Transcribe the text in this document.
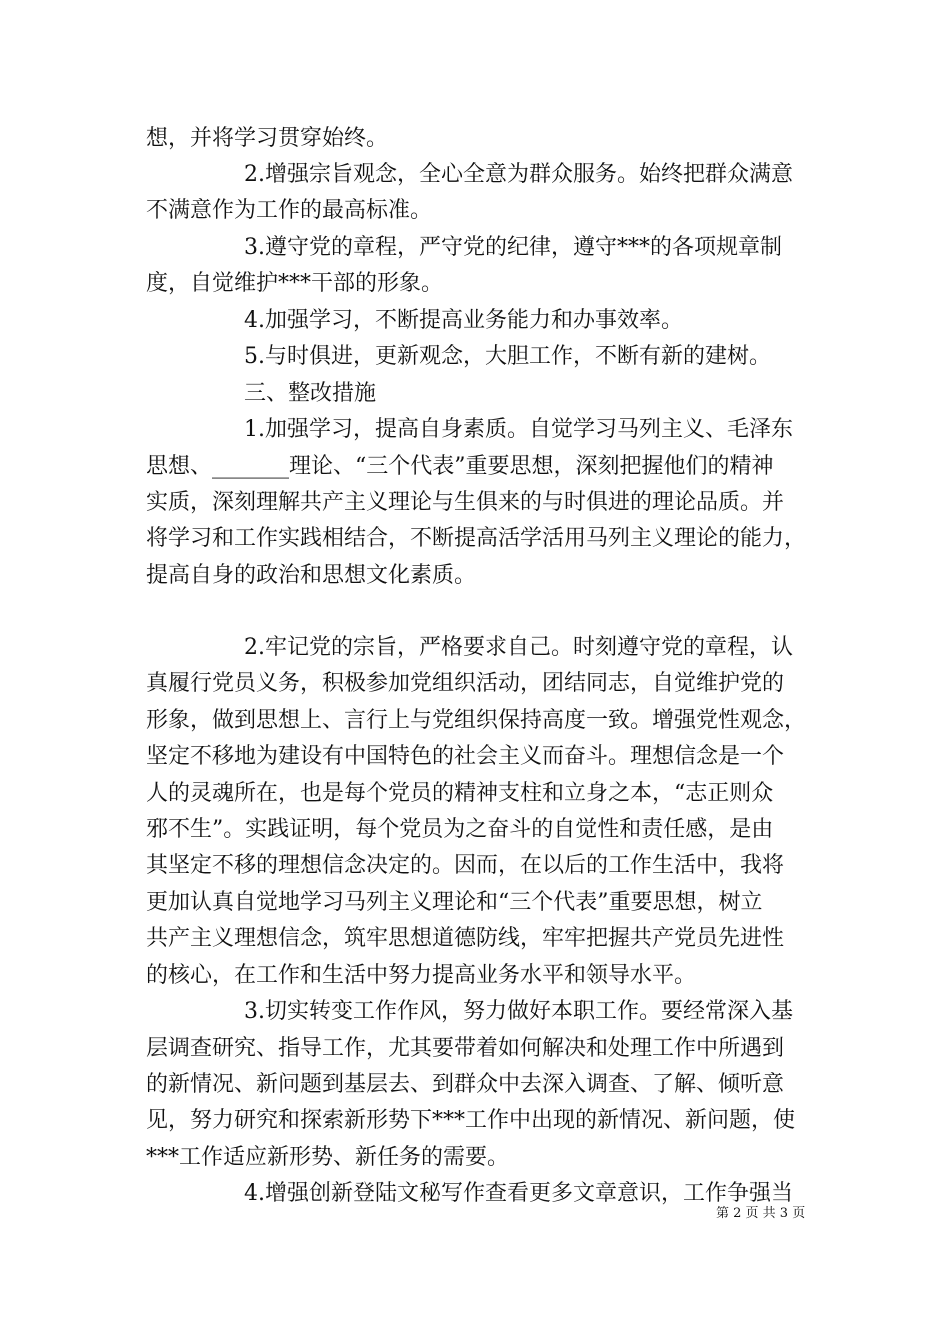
想，并将学习贯穿始终。

2.增强宗旨观念，全心全意为群众服务。始终把群众满意

不满意作为工作的最高标准。

3.遵守党的章程，严守党的纪律，遵守***的各项规章制

度，自觉维护***干部的形象。

4.加强学习，不断提高业务能力和办事效率。

5.与时俱进，更新观念，大胆工作，不断有新的建树。

三、整改措施

1.加强学习，提高自身素质。自觉学习马列主义、毛泽东

思想、_______理论、“三个代表”重要思想，深刻把握他们的精神

实质，深刻理解共产主义理论与生俱来的与时俱进的理论品质。并

将学习和工作实践相结合，不断提高活学活用马列主义理论的能力，

提高自身的政治和思想文化素质。

2.牢记党的宗旨，严格要求自己。时刻遵守党的章程，认

真履行党员义务，积极参加党组织活动，团结同志，自觉维护党的

形象，做到思想上、言行上与党组织保持高度一致。增强党性观念，

坚定不移地为建设有中国特色的社会主义而奋斗。理想信念是一个

人的灵魂所在，也是每个党员的精神支柱和立身之本，“志正则众

邪不生”。实践证明，每个党员为之奋斗的自觉性和责任感，是由

其坚定不移的理想信念决定的。因而，在以后的工作生活中，我将

更加认真自觉地学习马列主义理论和“三个代表”重要思想，树立

共产主义理想信念，筑牢思想道德防线，牢牢把握共产党员先进性

的核心，在工作和生活中努力提高业务水平和领导水平。

3.切实转变工作作风，努力做好本职工作。要经常深入基

层调查研究、指导工作，尤其要带着如何解决和处理工作中所遇到

的新情况、新问题到基层去、到群众中去深入调查、了解、倾听意

见，努力研究和探索新形势下***工作中出现的新情况、新问题，使

***工作适应新形势、新任务的需要。

4.增强创新登陆文秘写作查看更多文章意识，工作争强当

第 2 页 共 3 页
